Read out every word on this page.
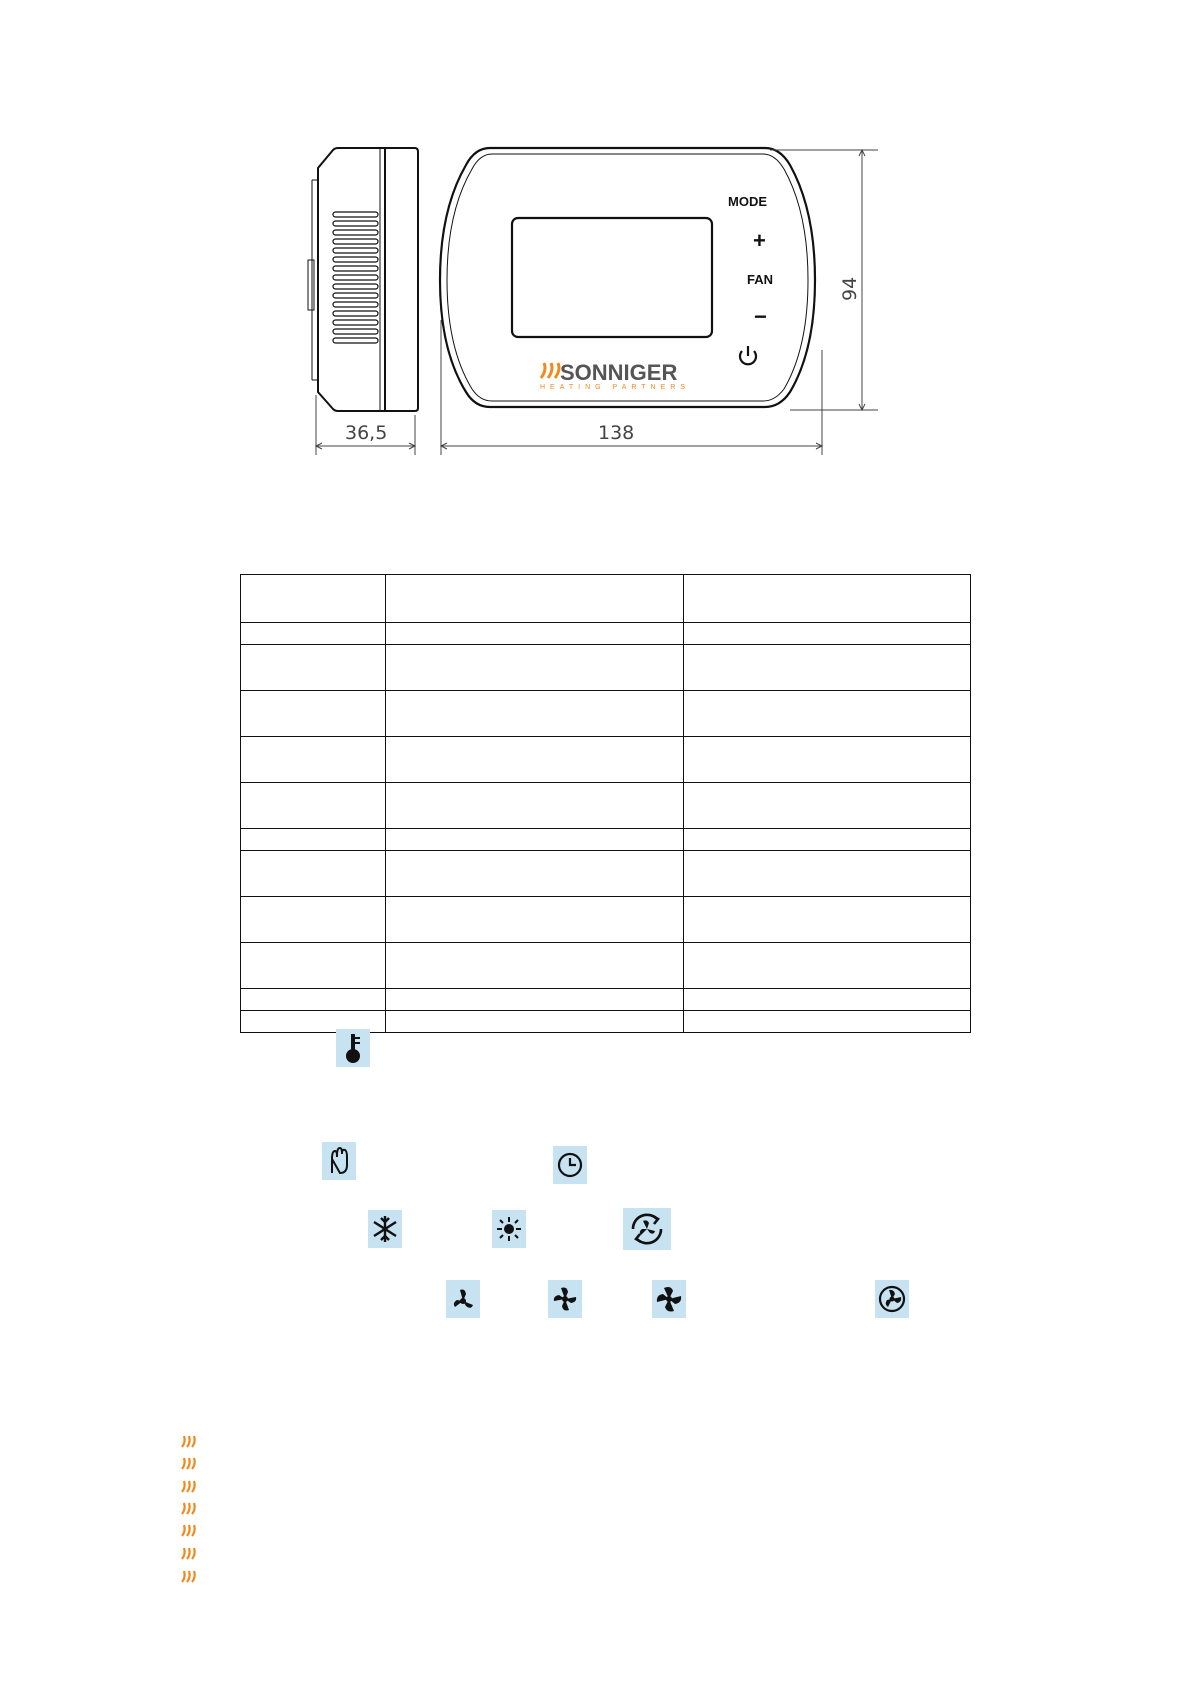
MODE
+
FAN
−
SONNIGER
HEATING PARTNERS
36,5	138
94
